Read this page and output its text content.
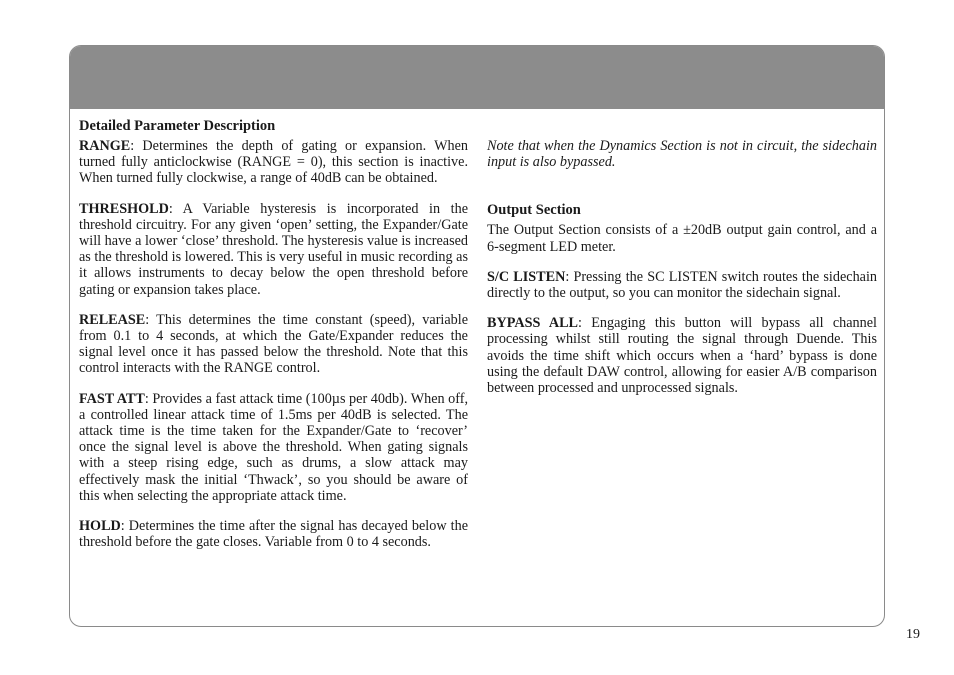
Detailed Parameter Description

RANGE: Determines the depth of gating or expansion. When turned fully anticlockwise (RANGE = 0), this section is inactive. When turned fully clockwise, a range of 40dB can be obtained.

THRESHOLD: A Variable hysteresis is incorporated in the threshold circuitry. For any given ‘open’ setting, the Expander/Gate will have a lower ‘close’ threshold. The hysteresis value is increased as the threshold is lowered. This is very useful in music recording as it allows instruments to decay below the open threshold before gating or expansion takes place.

RELEASE: This determines the time constant (speed), variable from 0.1 to 4 seconds, at which the Gate/Expander reduces the signal level once it has passed below the threshold. Note that this control interacts with the RANGE control.

FAST ATT: Provides a fast attack time (100µs per 40db). When off, a controlled linear attack time of 1.5ms per 40dB is selected. The attack time is the time taken for the Expander/Gate to ‘recover’ once the signal level is above the threshold. When gating signals with a steep rising edge, such as drums, a slow attack may effectively mask the initial ‘Thwack’, so you should be aware of this when selecting the appropriate attack time.

HOLD: Determines the time after the signal has decayed below the threshold before the gate closes. Variable from 0 to 4 seconds.

Note that when the Dynamics Section is not in circuit, the sidechain input is also bypassed.

Output Section

The Output Section consists of a ±20dB output gain control, and a 6-segment LED meter.

S/C LISTEN: Pressing the SC LISTEN switch routes the sidechain directly to the output, so you can monitor the sidechain signal.

BYPASS ALL: Engaging this button will bypass all channel processing whilst still routing the signal through Duende. This avoids the time shift which occurs when a ‘hard’ bypass is done using the default DAW control, allowing for easier A/B comparison between processed and unprocessed signals.

19
